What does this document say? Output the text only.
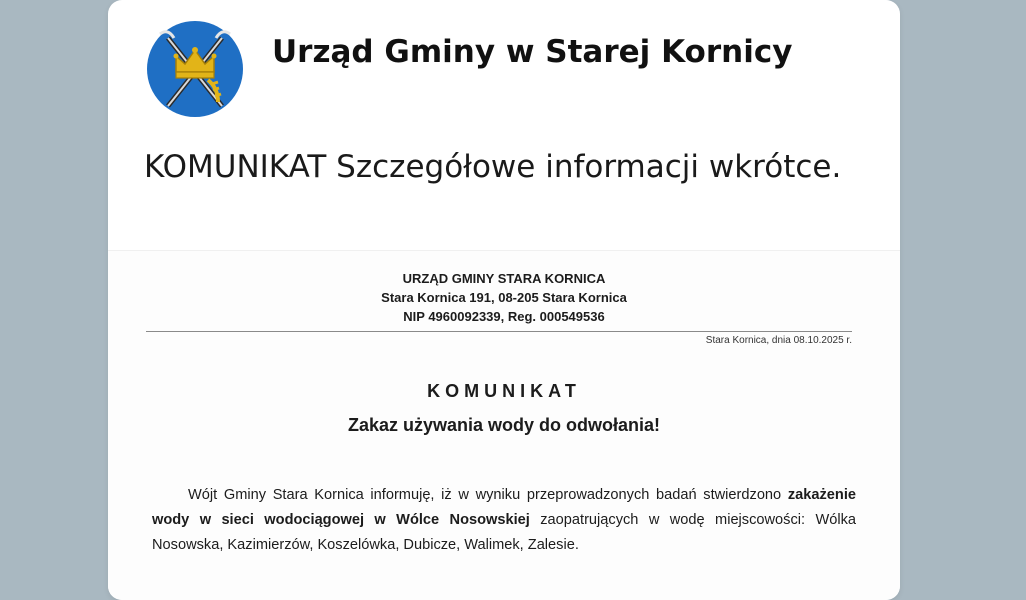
Urząd Gminy w Starej Kornicy
KOMUNIKAT Szczegółowe informacji wkrótce.
URZĄD GMINY STARA KORNICA
Stara Kornica 191, 08-205 Stara Kornica
NIP 4960092339, Reg. 000549536
Stara Kornica, dnia 08.10.2025 r.
KOMUNIKAT
Zakaz używania wody do odwołania!
Wójt Gminy Stara Kornica informuję, iż w wyniku przeprowadzonych badań stwierdzono zakażenie wody w sieci wodociągowej w Wólce Nosowskiej zaopatrujących w wodę miejscowości: Wólka Nosowska, Kazimierzów, Koszelówka, Dubicze, Walimek, Zalesie.
